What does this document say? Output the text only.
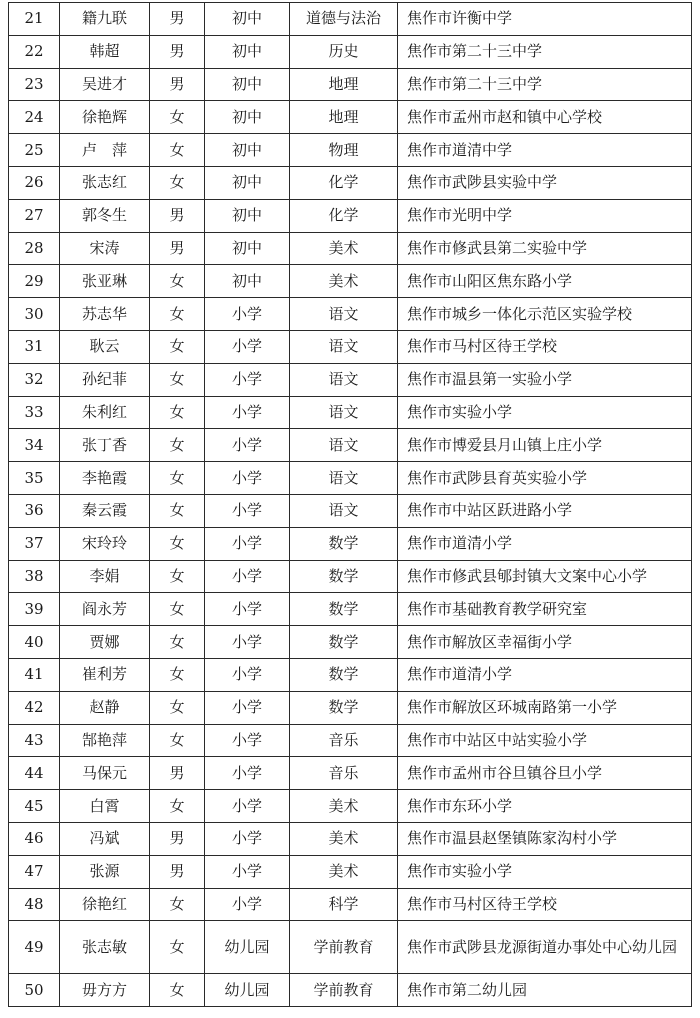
21	籍九联	男	初中	道德与法治	焦作市许衡中学
22	韩超	男	初中	历史	焦作市第二十三中学
23	吴进才	男	初中	地理	焦作市第二十三中学
24	徐艳辉	女	初中	地理	焦作市孟州市赵和镇中心学校
25	卢　萍	女	初中	物理	焦作市道清中学
26	张志红	女	初中	化学	焦作市武陟县实验中学
27	郭冬生	男	初中	化学	焦作市光明中学
28	宋涛	男	初中	美术	焦作市修武县第二实验中学
29	张亚琳	女	初中	美术	焦作市山阳区焦东路小学
30	苏志华	女	小学	语文	焦作市城乡一体化示范区实验学校
31	耿云	女	小学	语文	焦作市马村区待王学校
32	孙纪菲	女	小学	语文	焦作市温县第一实验小学
33	朱利红	女	小学	语文	焦作市实验小学
34	张丁香	女	小学	语文	焦作市博爱县月山镇上庄小学
35	李艳霞	女	小学	语文	焦作市武陟县育英实验小学
36	秦云霞	女	小学	语文	焦作市中站区跃进路小学
37	宋玲玲	女	小学	数学	焦作市道清小学
38	李娟	女	小学	数学	焦作市修武县郇封镇大文案中心小学
39	阎永芳	女	小学	数学	焦作市基础教育教学研究室
40	贾娜	女	小学	数学	焦作市解放区幸福街小学
41	崔利芳	女	小学	数学	焦作市道清小学
42	赵静	女	小学	数学	焦作市解放区环城南路第一小学
43	郜艳萍	女	小学	音乐	焦作市中站区中站实验小学
44	马保元	男	小学	音乐	焦作市孟州市谷旦镇谷旦小学
45	白霄	女	小学	美术	焦作市东环小学
46	冯斌	男	小学	美术	焦作市温县赵堡镇陈家沟村小学
47	张源	男	小学	美术	焦作市实验小学
48	徐艳红	女	小学	科学	焦作市马村区待王学校
49	张志敏	女	幼儿园	学前教育	焦作市武陟县龙源街道办事处中心幼儿园
50	毋方方	女	幼儿园	学前教育	焦作市第二幼儿园
